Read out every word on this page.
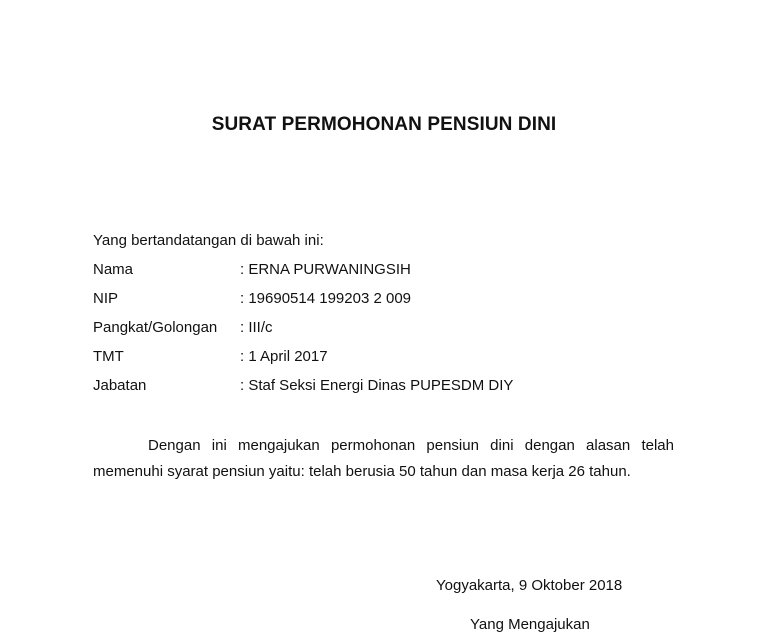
SURAT PERMOHONAN PENSIUN DINI
Yang bertandatangan di bawah ini:
Nama	: ERNA PURWANINGSIH
NIP	: 19690514 199203 2 009
Pangkat/Golongan	: III/c
TMT	: 1 April 2017
Jabatan	: Staf Seksi Energi Dinas PUPESDM DIY
Dengan ini mengajukan permohonan pensiun dini dengan alasan telah memenuhi syarat pensiun yaitu: telah berusia 50 tahun dan masa kerja 26 tahun.
Yogyakarta, 9 Oktober 2018
Yang Mengajukan
